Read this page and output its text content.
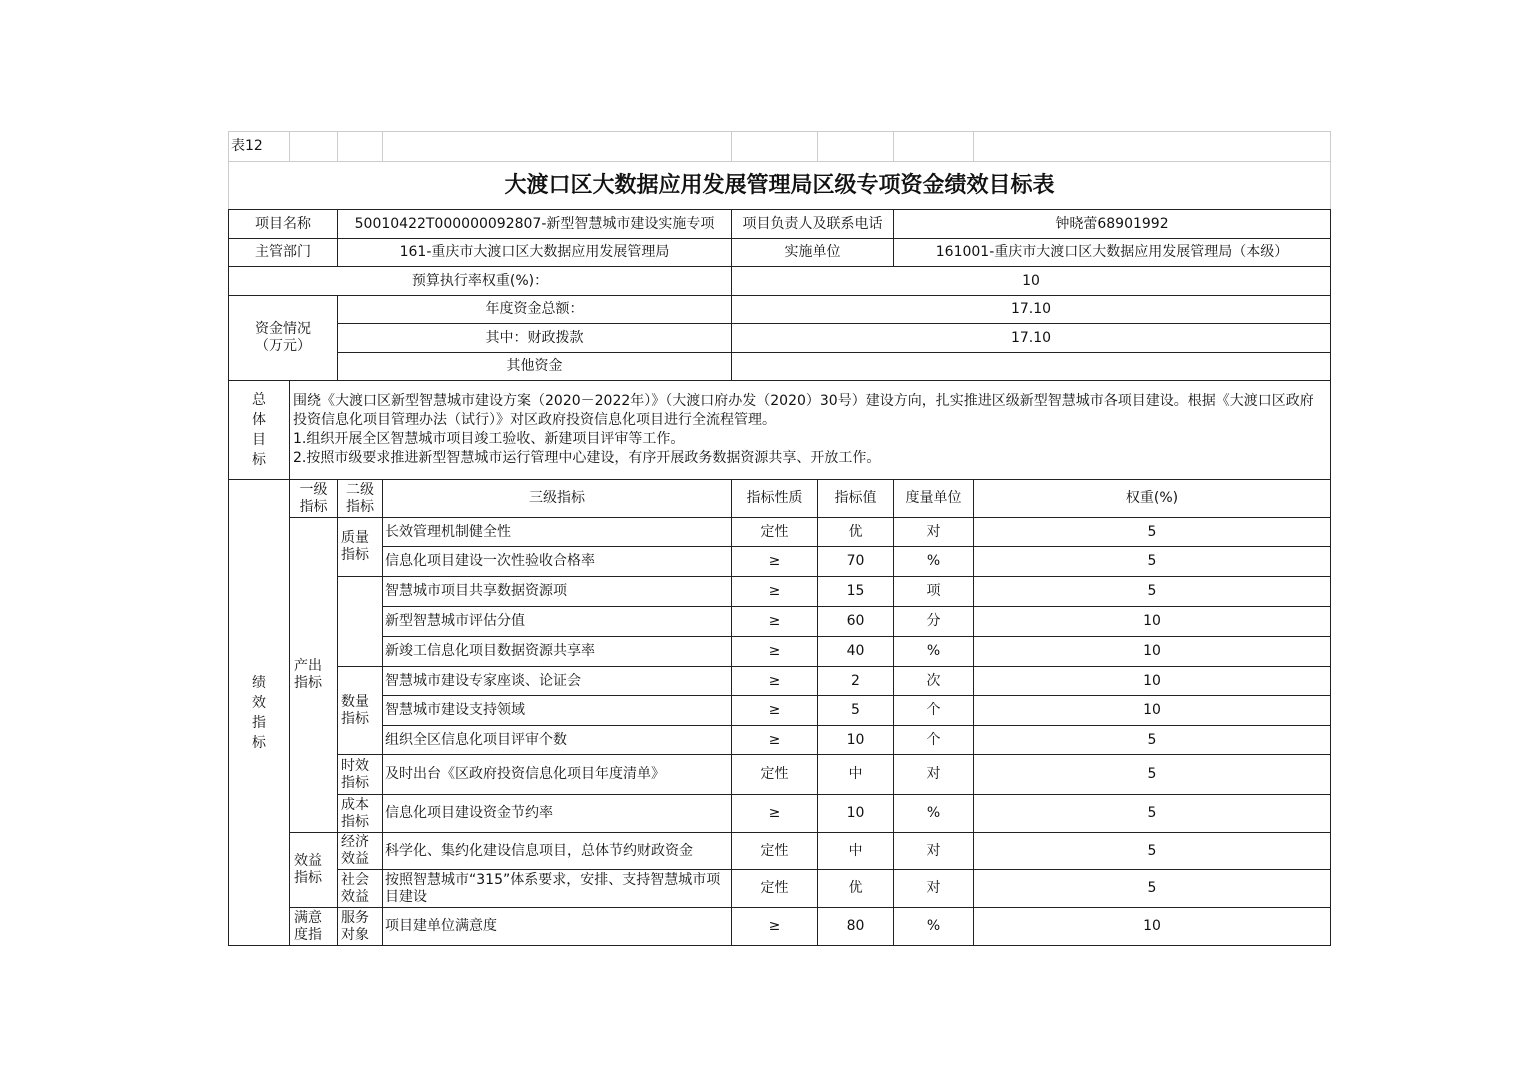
表12							
大渡口区大数据应用发展管理局区级专项资金绩效目标表							
项目名称		50010422T000000092807-新型智慧城市建设实施专项		项目负责人及联系电话		钟晓蕾68901992	
主管部门		161-重庆市大渡口区大数据应用发展管理局		实施单位		161001-重庆市大渡口区大数据应用发展管理局（本级）	
预算执行率权重(%)：				10			
资金情况（万元）		年度资金总额：		17.10			
		其中：财政拨款		17.10			
		其他资金					
总体目标	围绕《大渡口区新型智慧城市建设方案（2020－2022年）》（大渡口府办发（2020）30号）建设方向，扎实推进区级新型智慧城市各项目建设。根据《大渡口区政府投资信息化项目管理办法（试行）》对区政府投资信息化项目进行全流程管理。
1.组织开展全区智慧城市项目竣工验收、新建项目评审等工作。
2.按照市级要求推进新型智慧城市运行管理中心建设，有序开展政务数据资源共享、开放工作。						

绩效指标	一级指标	二级指标	三级指标	指标性质	指标值	度量单位	权重(%)
	产出指标	质量指标	长效管理机制健全性	定性	优	对	5
			信息化项目建设一次性验收合格率	≥	70	%	5
			智慧城市项目共享数据资源项	≥	15	项	5
			新型智慧城市评估分值	≥	60	分	10
			新竣工信息化项目数据资源共享率	≥	40	%	10
		数量指标	智慧城市建设专家座谈、论证会	≥	2	次	10
			智慧城市建设支持领域	≥	5	个	10
			组织全区信息化项目评审个数	≥	10	个	5
		时效指标	及时出台《区政府投资信息化项目年度清单》	定性	中	对	5
		成本指标	信息化项目建设资金节约率	≥	10	%	5
	效益指标	经济效益	科学化、集约化建设信息项目，总体节约财政资金	定性	中	对	5
		社会效益	按照智慧城市“315”体系要求，安排、支持智慧城市项目建设	定性	优	对	5
	满意度指	服务对象	项目建单位满意度	≥	80	%	10
